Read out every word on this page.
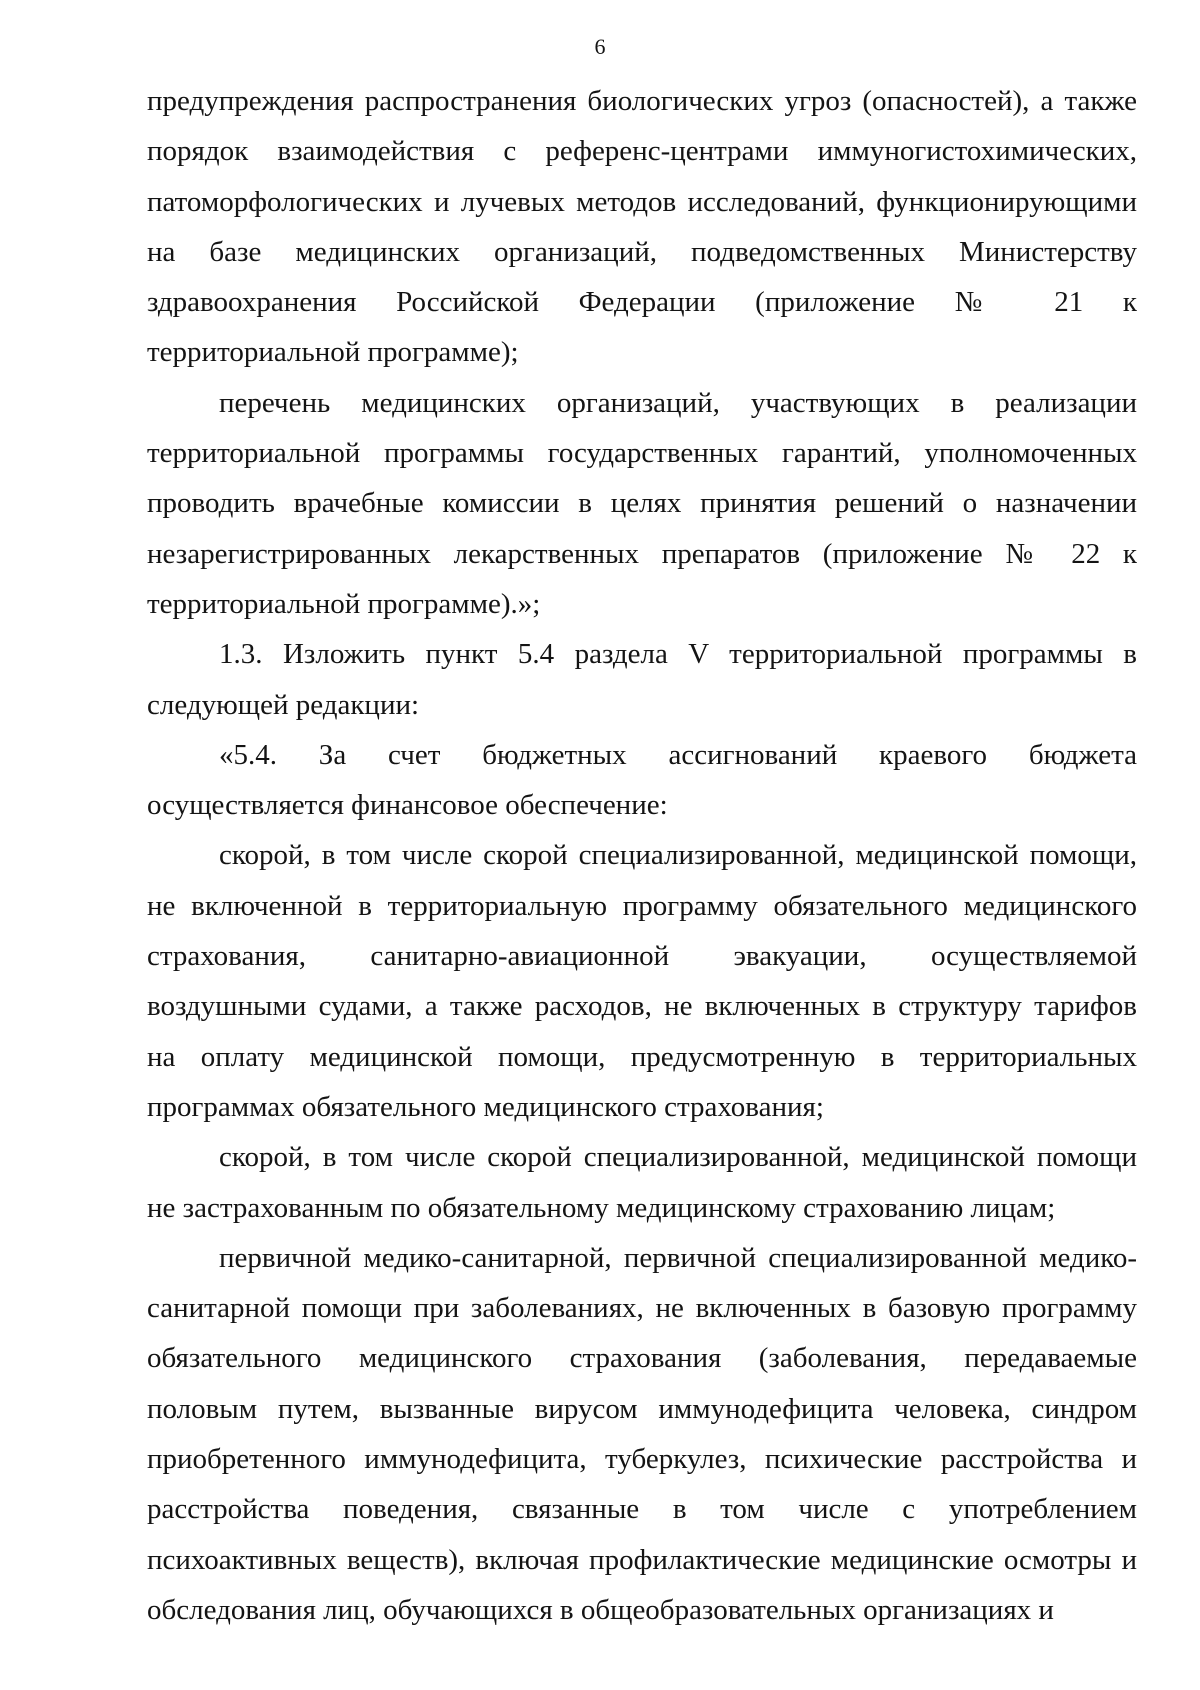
6
предупреждения распространения биологических угроз (опасностей), а также
порядок взаимодействия с референс-центрами иммуногистохимических,
патоморфологических и лучевых методов исследований, функционирующими
на базе медицинских организаций, подведомственных Министерству
здравоохранения Российской Федерации (приложение № 21 к
территориальной программе);
перечень медицинских организаций, участвующих в реализации
территориальной программы государственных гарантий, уполномоченных
проводить врачебные комиссии в целях принятия решений о назначении
незарегистрированных лекарственных препаратов (приложение № 22 к
территориальной программе).»;
1.3. Изложить пункт 5.4 раздела V территориальной программы в
следующей редакции:
«5.4. За счет бюджетных ассигнований краевого бюджета
осуществляется финансовое обеспечение:
скорой, в том числе скорой специализированной, медицинской помощи,
не включенной в территориальную программу обязательного медицинского
страхования, санитарно-авиационной эвакуации, осуществляемой
воздушными судами, а также расходов, не включенных в структуру тарифов
на оплату медицинской помощи, предусмотренную в территориальных
программах обязательного медицинского страхования;
скорой, в том числе скорой специализированной, медицинской помощи
не застрахованным по обязательному медицинскому страхованию лицам;
первичной медико-санитарной, первичной специализированной медико-
санитарной помощи при заболеваниях, не включенных в базовую программу
обязательного медицинского страхования (заболевания, передаваемые
половым путем, вызванные вирусом иммунодефицита человека, синдром
приобретенного иммунодефицита, туберкулез, психические расстройства и
расстройства поведения, связанные в том числе с употреблением
психоактивных веществ), включая профилактические медицинские осмотры и
обследования лиц, обучающихся в общеобразовательных организациях и
